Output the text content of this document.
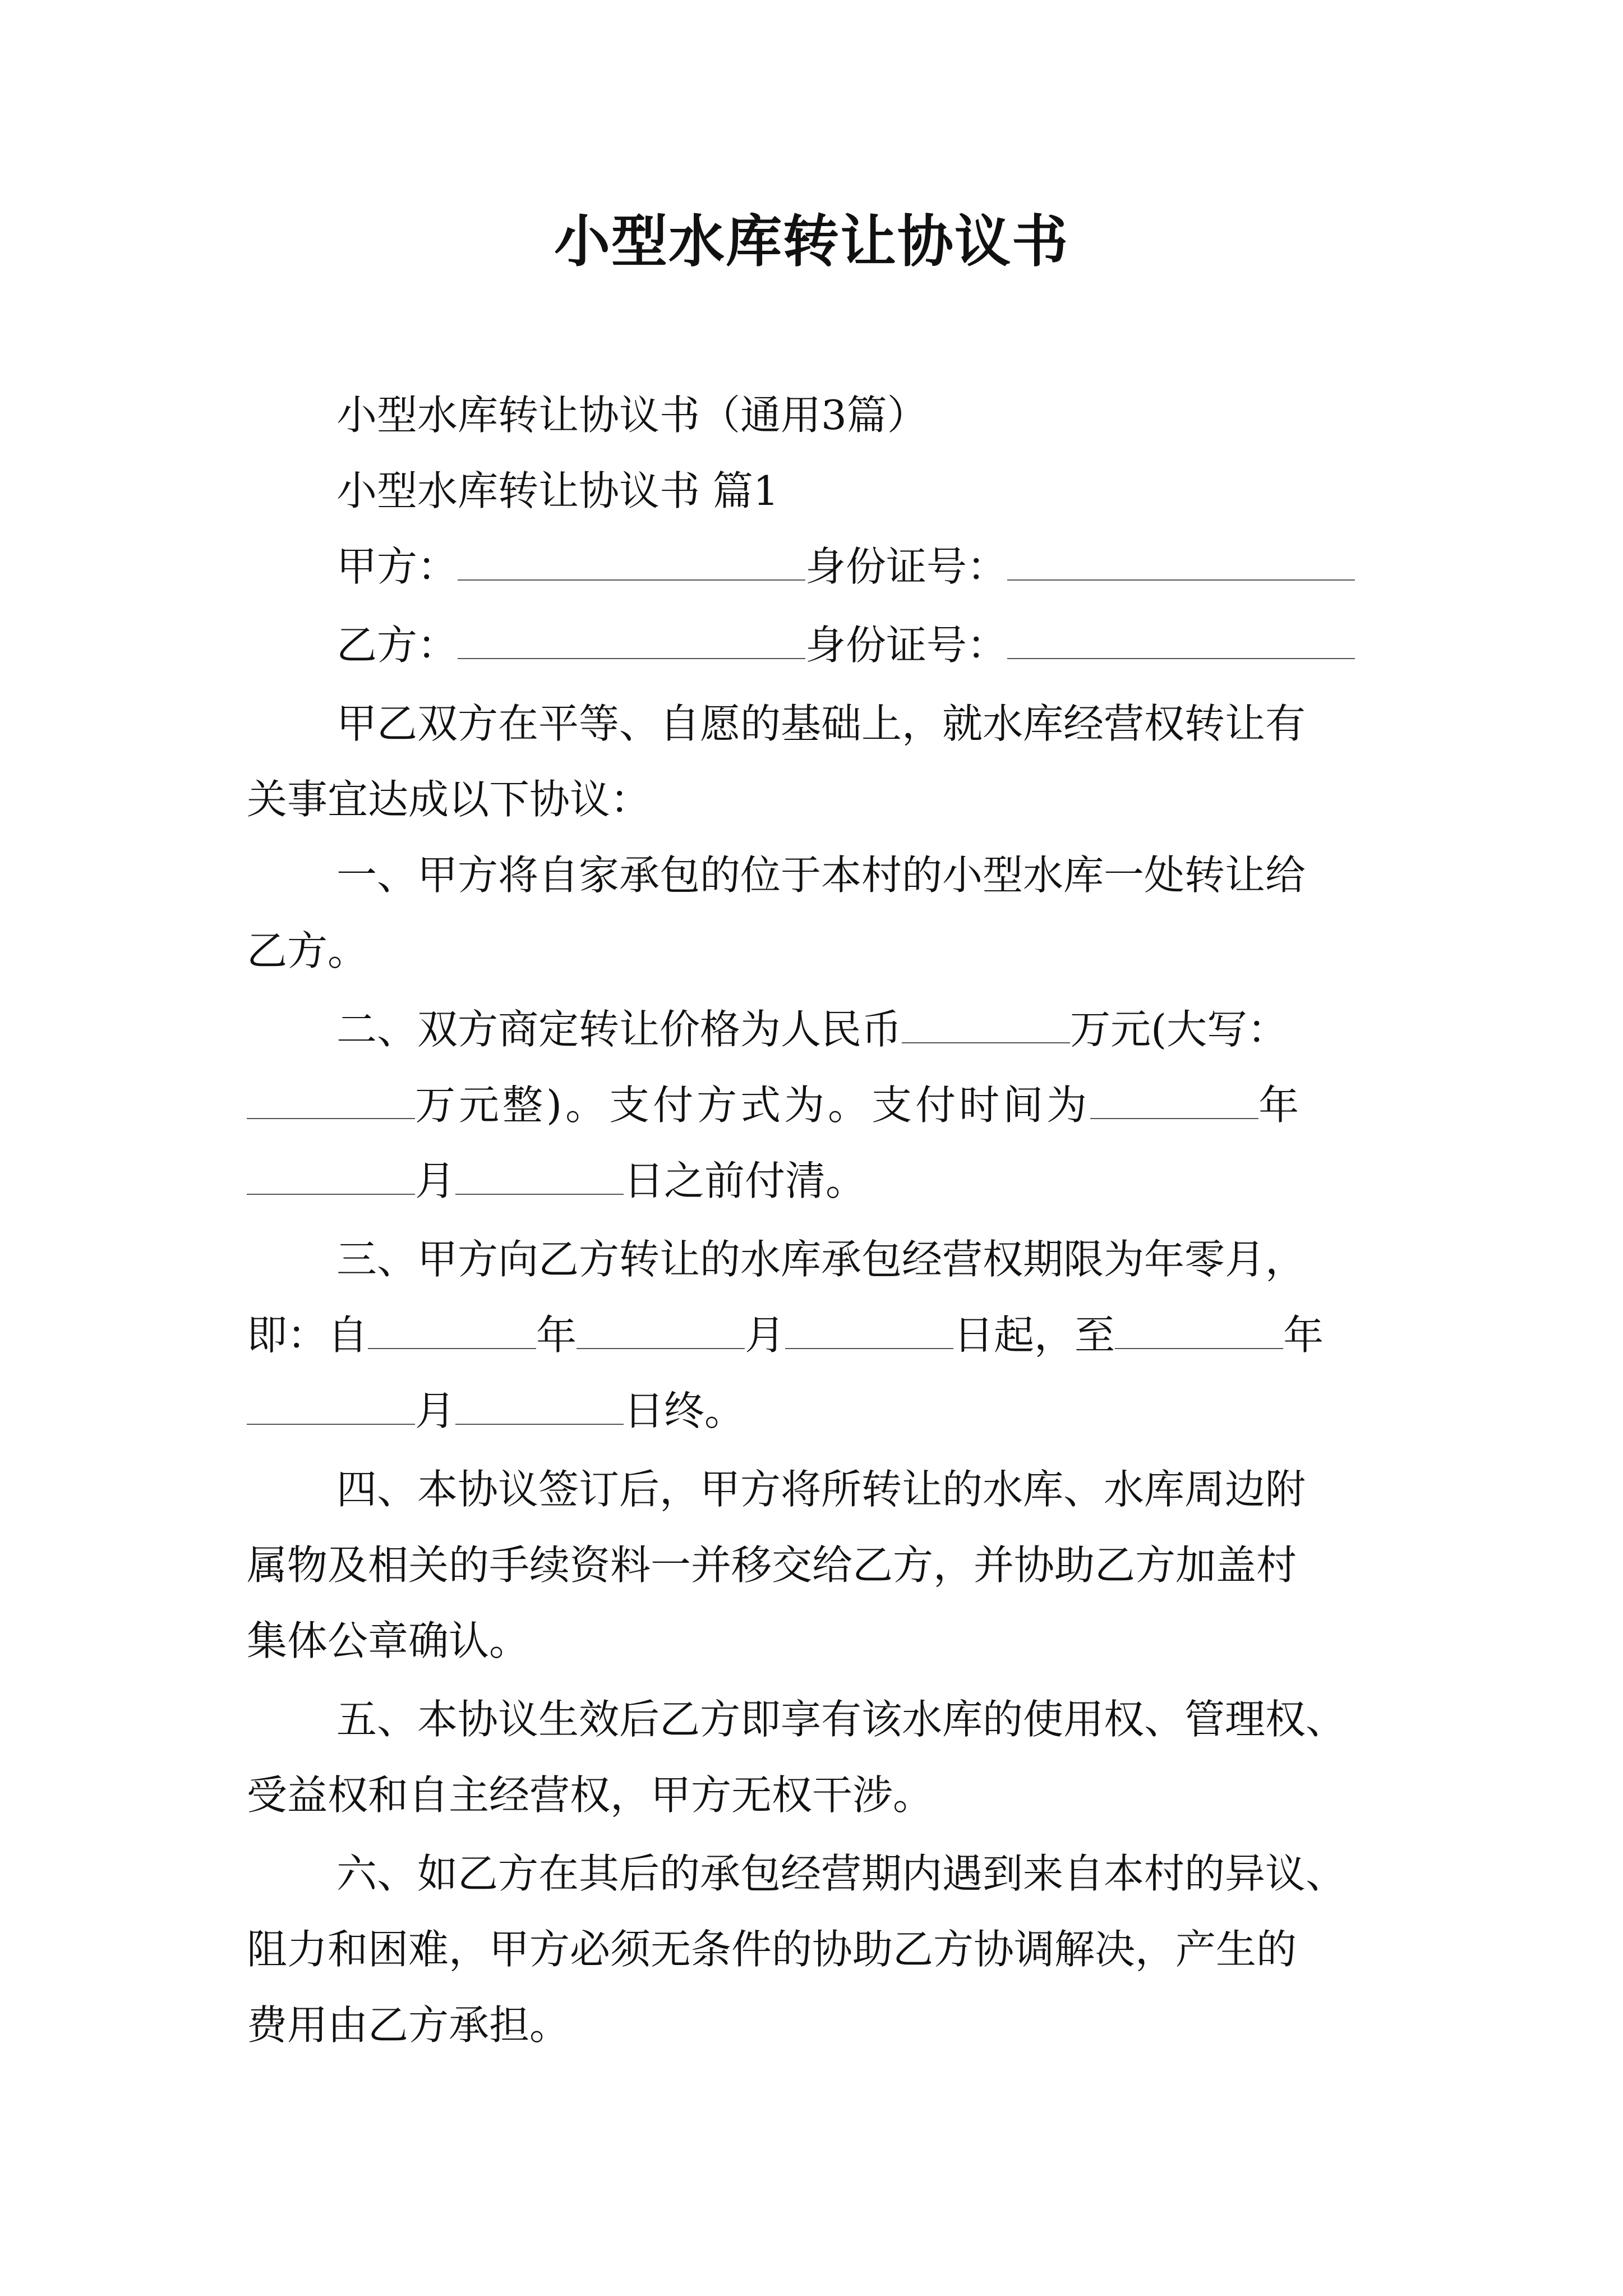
小型水库转让协议书
小型水库转让协议书（通用3篇）
小型水库转让协议书 篇1
甲方：	身份证号：
乙方：	身份证号：
甲乙双方在平等、自愿的基础上，就水库经营权转让有
关事宜达成以下协议：
一、甲方将自家承包的位于本村的小型水库一处转让给
乙方。
二、双方商定转让价格为人民币	万元(大写：
万元整)。支付方式为。支付时间为	年
月	日之前付清。
三、甲方向乙方转让的水库承包经营权期限为年零月，
即：自	年	月	日起，至	年
月	日终。
四、本协议签订后，甲方将所转让的水库、水库周边附
属物及相关的手续资料一并移交给乙方，并协助乙方加盖村
集体公章确认。
五、本协议生效后乙方即享有该水库的使用权、管理权、
受益权和自主经营权，甲方无权干涉。
六、如乙方在其后的承包经营期内遇到来自本村的异议、
阻力和困难，甲方必须无条件的协助乙方协调解决，产生的
费用由乙方承担。
